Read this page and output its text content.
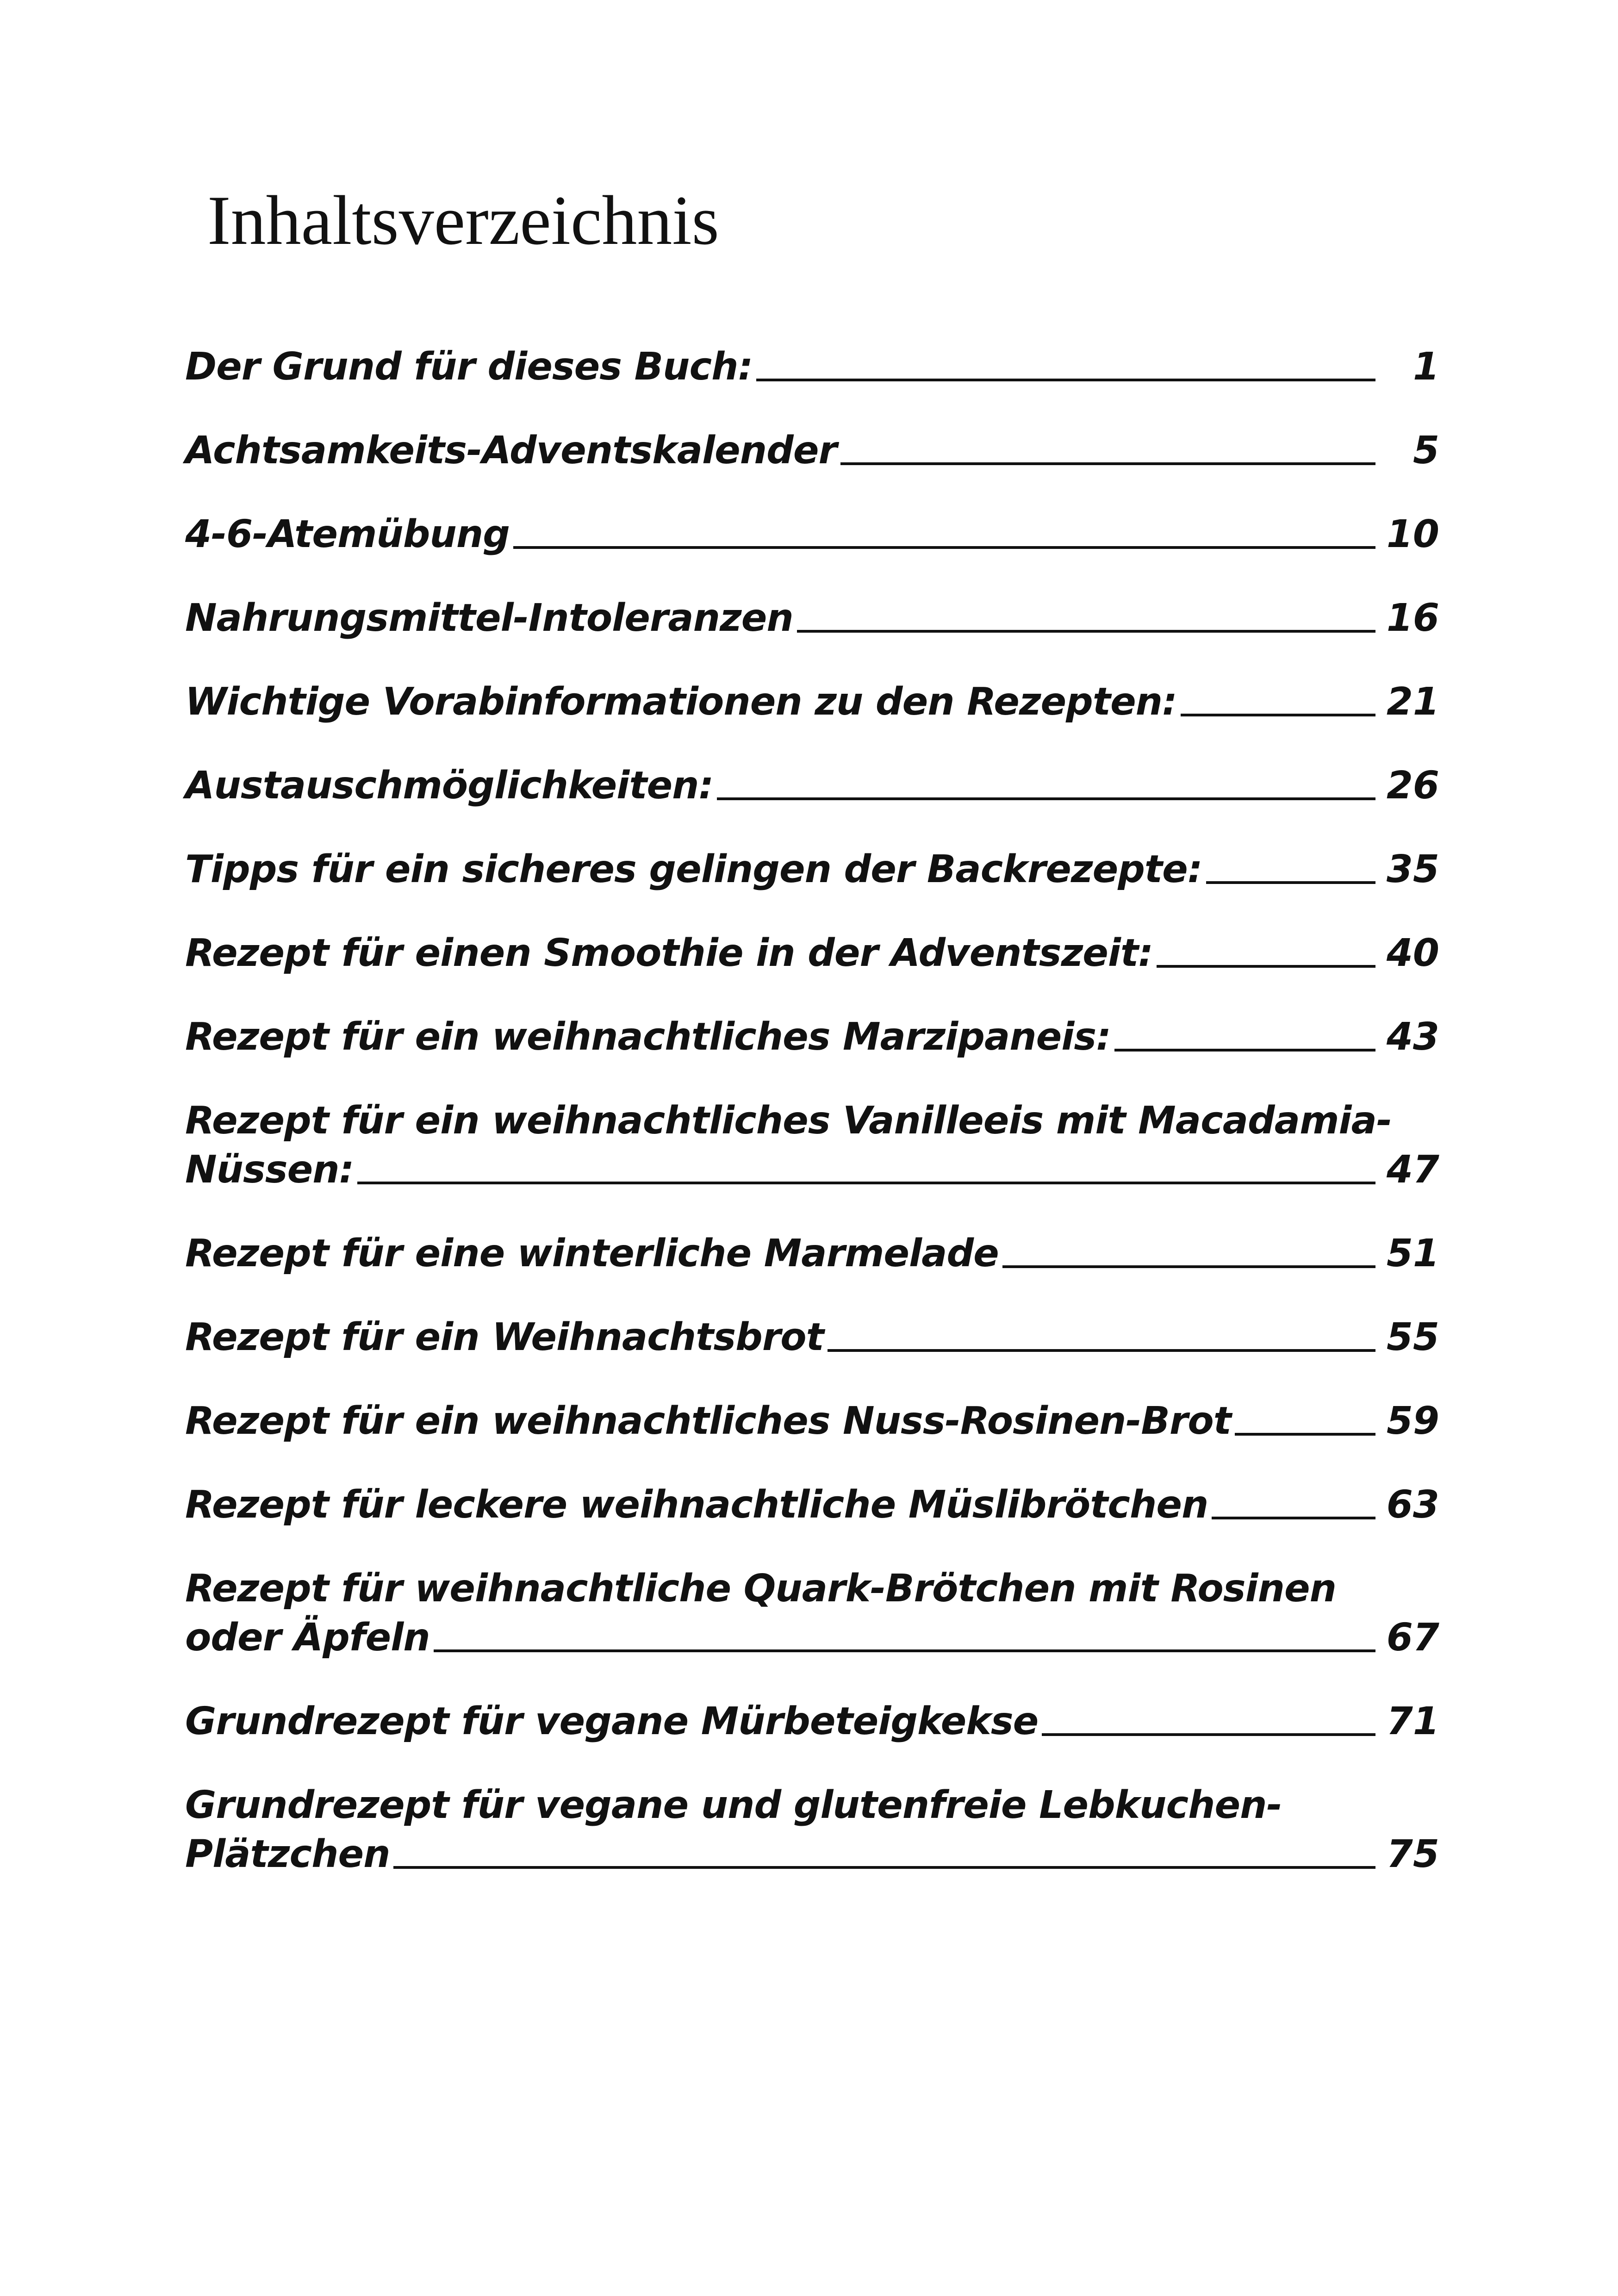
Inhaltsverzeichnis
Der Grund für dieses Buch:	1
Achtsamkeits-Adventskalender	5
4-6-Atemübung	10
Nahrungsmittel-Intoleranzen	16
Wichtige Vorabinformationen zu den Rezepten:	21
Austauschmöglichkeiten:	26
Tipps für ein sicheres gelingen der Backrezepte:	35
Rezept für einen Smoothie in der Adventszeit:	40
Rezept für ein weihnachtliches Marzipaneis:	43
Rezept für ein weihnachtliches Vanilleeis mit Macadamia-
Nüssen:	47
Rezept für eine winterliche Marmelade	51
Rezept für ein Weihnachtsbrot	55
Rezept für ein weihnachtliches Nuss-Rosinen-Brot	59
Rezept für leckere weihnachtliche Müslibrötchen	63
Rezept für weihnachtliche Quark-Brötchen mit Rosinen
oder Äpfeln	67
Grundrezept für vegane Mürbeteigkekse	71
Grundrezept für vegane und glutenfreie Lebkuchen-
Plätzchen	75
